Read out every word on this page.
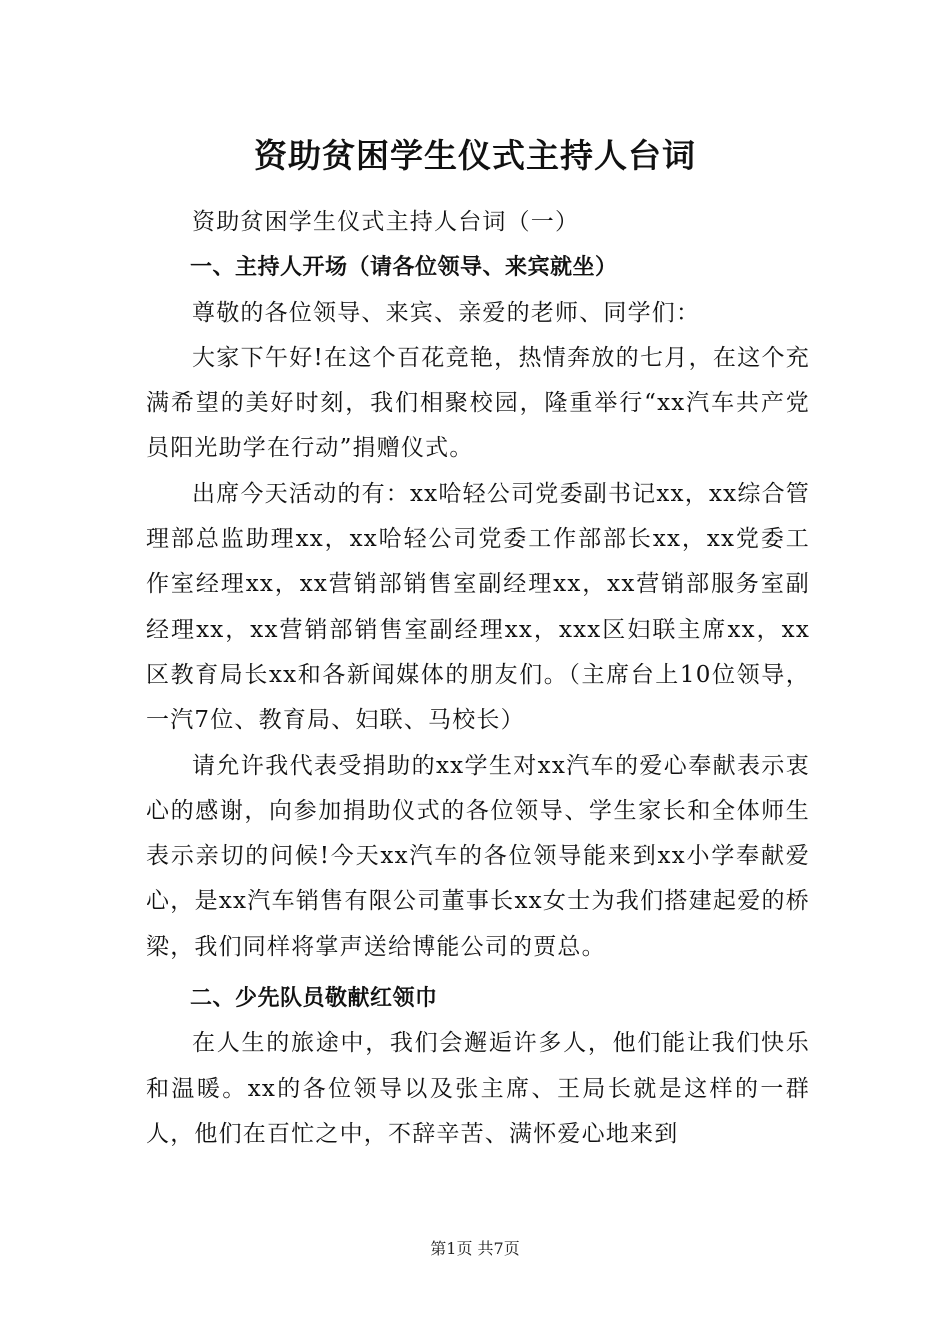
资助贫困学生仪式主持人台词

资助贫困学生仪式主持人台词（一）

一、主持人开场（请各位领导、来宾就坐）

尊敬的各位领导、来宾、亲爱的老师、同学们：

大家下午好!在这个百花竞艳，热情奔放的七月，在这个充满希望的美好时刻，我们相聚校园，隆重举行“xx汽车共产党员阳光助学在行动”捐赠仪式。

出席今天活动的有：xx哈轻公司党委副书记xx，xx综合管理部总监助理xx，xx哈轻公司党委工作部部长xx，xx党委工作室经理xx，xx营销部销售室副经理xx，xx营销部服务室副经理xx，xx营销部销售室副经理xx，xxx区妇联主席xx，xx区教育局长xx和各新闻媒体的朋友们。（主席台上10位领导，一汽7位、教育局、妇联、马校长）

请允许我代表受捐助的xx学生对xx汽车的爱心奉献表示衷心的感谢，向参加捐助仪式的各位领导、学生家长和全体师生表示亲切的问候!今天xx汽车的各位领导能来到xx小学奉献爱心，是xx汽车销售有限公司董事长xx女士为我们搭建起爱的桥梁，我们同样将掌声送给博能公司的贾总。

二、少先队员敬献红领巾

在人生的旅途中，我们会邂逅许多人，他们能让我们快乐和温暖。xx的各位领导以及张主席、王局长就是这样的一群人，他们在百忙之中，不辞辛苦、满怀爱心地来到

第1页 共7页
